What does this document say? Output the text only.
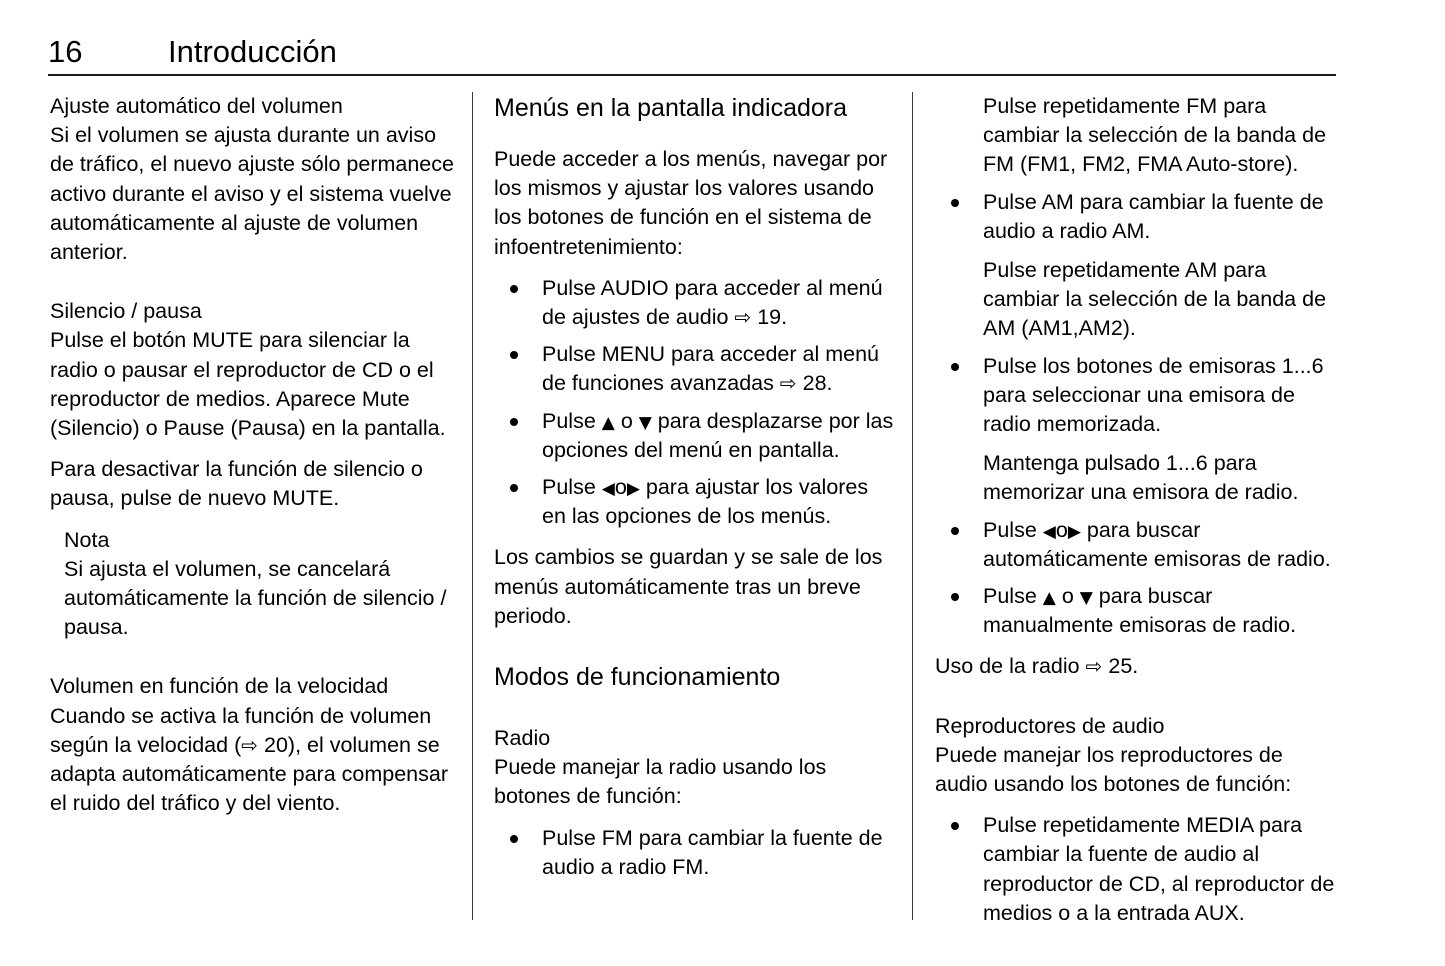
16	Introducción
Ajuste automático del volumen

Si el volumen se ajusta durante un aviso de tráfico, el nuevo ajuste sólo permanece activo durante el aviso y el sistema vuelve automáticamente al ajuste de volumen anterior.

Silencio / pausa

Pulse el botón MUTE para silenciar la radio o pausar el reproductor de CD o el reproductor de medios. Aparece Mute (Silencio) o Pause (Pausa) en la pantalla.

Para desactivar la función de silencio o pausa, pulse de nuevo MUTE.

Nota

Si ajusta el volumen, se cancelará automáticamente la función de silencio / pausa.

Volumen en función de la velocidad

Cuando se activa la función de volumen según la velocidad (⇨ 20), el volumen se adapta automáticamente para compensar el ruido del tráfico y del viento.

Menús en la pantalla indicadora

Puede acceder a los menús, navegar por los mismos y ajustar los valores usando los botones de función en el sistema de infoentretenimiento:

Pulse AUDIO para acceder al menú de ajustes de audio ⇨ 19.
Pulse MENU para acceder al menú de funciones avanzadas ⇨ 28.
Pulse ▲ o ▼ para desplazarse por las opciones del menú en pantalla.
Pulse ◀o▶ para ajustar los valores en las opciones de los menús.

Los cambios se guardan y se sale de los menús automáticamente tras un breve periodo.

Modos de funcionamiento
Radio

Puede manejar la radio usando los botones de función:

Pulse FM para cambiar la fuente de audio a radio FM.

Pulse repetidamente FM para cambiar la selección de la banda de FM (FM1, FM2, FMA Auto-store).

Pulse AM para cambiar la fuente de audio a radio AM.

Pulse repetidamente AM para cambiar la selección de la banda de AM (AM1,AM2).

Pulse los botones de emisoras 1...6 para seleccionar una emisora de radio memorizada.

Mantenga pulsado 1...6 para memorizar una emisora de radio.

Pulse ◀o▶ para buscar automáticamente emisoras de radio.
Pulse ▲ o ▼ para buscar manualmente emisoras de radio.

Uso de la radio ⇨ 25.

Reproductores de audio

Puede manejar los reproductores de audio usando los botones de función:

Pulse repetidamente MEDIA para cambiar la fuente de audio al reproductor de CD, al reproductor de medios o a la entrada AUX.
